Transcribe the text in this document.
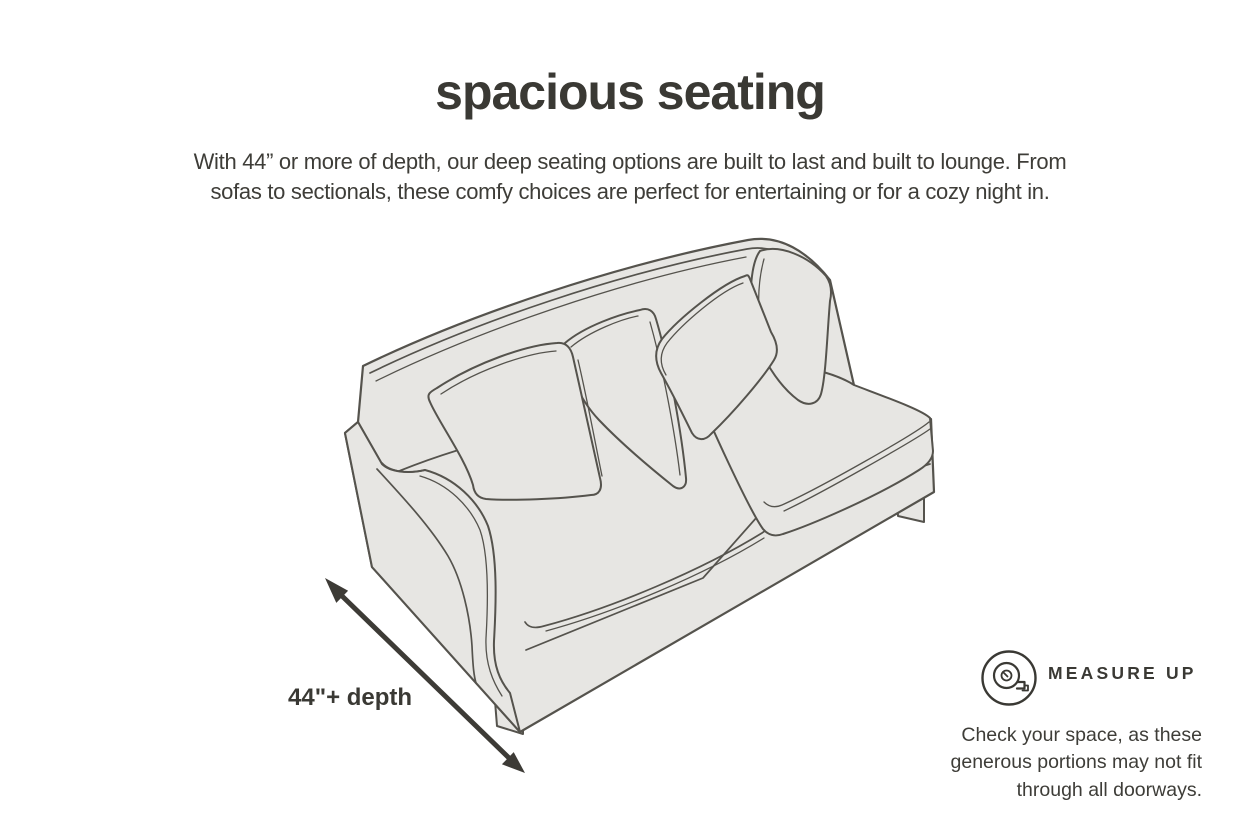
spacious seating

With 44” or more of depth, our deep seating options are built to last and built to lounge. From
sofas to sectionals, these comfy choices are perfect for entertaining or for a cozy night in.

44"+ depth
MEASURE UP

Check your space, as these
generous portions may not fit
through all doorways.
